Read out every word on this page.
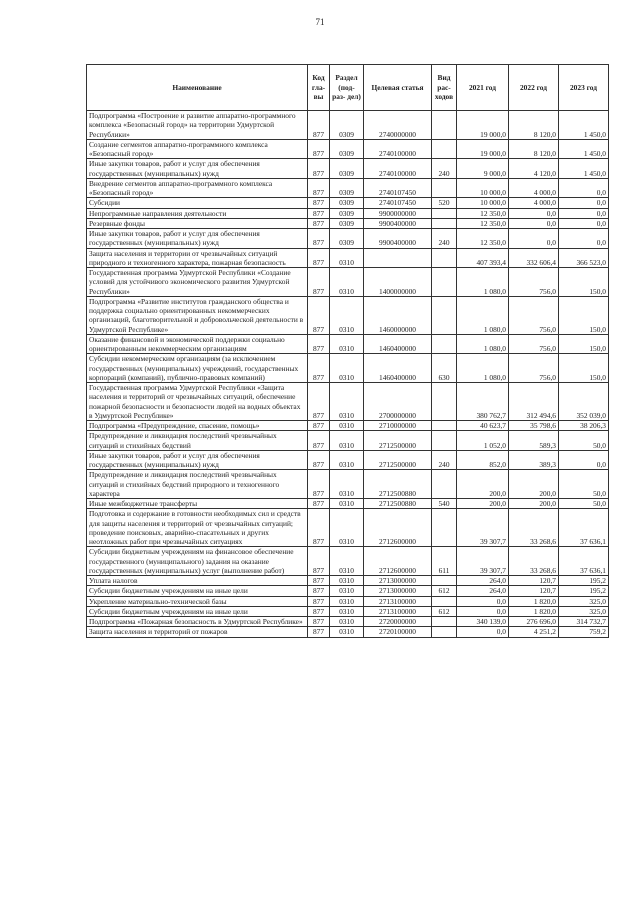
71
Наименование	Код гла- вы	Раздел (под- раз- дел)	Целевая статья	Вид рас- ходов	2021 год	2022 год	2023 год
Подпрограмма «Построение и развитие аппаратно-программного комплекса «Безопасный город» на территории Удмуртской Республики»	877	0309	2740000000		19 000,0	8 120,0	1 450,0
Создание сегментов аппаратно-программного комплекса «Безопасный город»	877	0309	2740100000		19 000,0	8 120,0	1 450,0
Иные закупки товаров, работ и услуг для обеспечения государственных (муниципальных) нужд	877	0309	2740100000	240	9 000,0	4 120,0	1 450,0
Внедрение сегментов аппаратно-программного комплекса «Безопасный город»	877	0309	2740107450		10 000,0	4 000,0	0,0
Субсидии	877	0309	2740107450	520	10 000,0	4 000,0	0,0
Непрограммные направления деятельности	877	0309	9900000000		12 350,0	0,0	0,0
Резервные фонды	877	0309	9900400000		12 350,0	0,0	0,0
Иные закупки товаров, работ и услуг для обеспечения государственных (муниципальных) нужд	877	0309	9900400000	240	12 350,0	0,0	0,0
Защита населения и территории от чрезвычайных ситуаций природного и техногенного характера, пожарная безопасность	877	0310			407 393,4	332 606,4	366 523,0
Государственная программа Удмуртской Республики «Создание условий для устойчивого экономического развития Удмуртской Республики»	877	0310	1400000000		1 080,0	756,0	150,0
Подпрограмма «Развитие институтов гражданского общества и поддержка социально ориентированных некоммерческих организаций, благотворительной и добровольческой деятельности в Удмуртской Республике»	877	0310	1460000000		1 080,0	756,0	150,0
Оказание финансовой и экономической поддержки социально ориентированным некоммерческим организациям	877	0310	1460400000		1 080,0	756,0	150,0
Субсидии некоммерческим организациям (за исключением государственных (муниципальных) учреждений, государственных корпораций (компаний), публично-правовых компаний)	877	0310	1460400000	630	1 080,0	756,0	150,0
Государственная программа Удмуртской Республики «Защита населения и территорий от чрезвычайных ситуаций, обеспечение пожарной безопасности и безопасности людей на водных объектах в Удмуртской Республике»	877	0310	2700000000		380 762,7	312 494,6	352 039,0
Подпрограмма «Предупреждение, спасение, помощь»	877	0310	2710000000		40 623,7	35 798,6	38 206,3
Предупреждение и ликвидация последствий чрезвычайных ситуаций и стихийных бедствий	877	0310	2712500000		1 052,0	589,3	50,0
Иные закупки товаров, работ и услуг для обеспечения государственных (муниципальных) нужд	877	0310	2712500000	240	852,0	389,3	0,0
Предупреждение и ликвидация последствий чрезвычайных ситуаций и стихийных бедствий природного и техногенного характера	877	0310	2712500880		200,0	200,0	50,0
Иные межбюджетные трансферты	877	0310	2712500880	540	200,0	200,0	50,0
Подготовка и содержание в готовности необходимых сил и средств для защиты населения и территорий от чрезвычайных ситуаций; проведение поисковых, аварийно-спасательных и других неотложных работ при чрезвычайных ситуациях	877	0310	2712600000		39 307,7	33 268,6	37 636,1
Субсидии бюджетным учреждениям на финансовое обеспечение государственного (муниципального) задания на оказание государственных (муниципальных) услуг (выполнение работ)	877	0310	2712600000	611	39 307,7	33 268,6	37 636,1
Уплата налогов	877	0310	2713000000		264,0	120,7	195,2
Субсидии бюджетным учреждениям на иные цели	877	0310	2713000000	612	264,0	120,7	195,2
Укрепление материально-технической базы	877	0310	2713100000		0,0	1 820,0	325,0
Субсидии бюджетным учреждениям на иные цели	877	0310	2713100000	612	0,0	1 820,0	325,0
Подпрограмма «Пожарная безопасность в Удмуртской Республике»	877	0310	2720000000		340 139,0	276 696,0	314 732,7
Защита населения и территорий от пожаров	877	0310	2720100000		0,0	4 251,2	759,2
